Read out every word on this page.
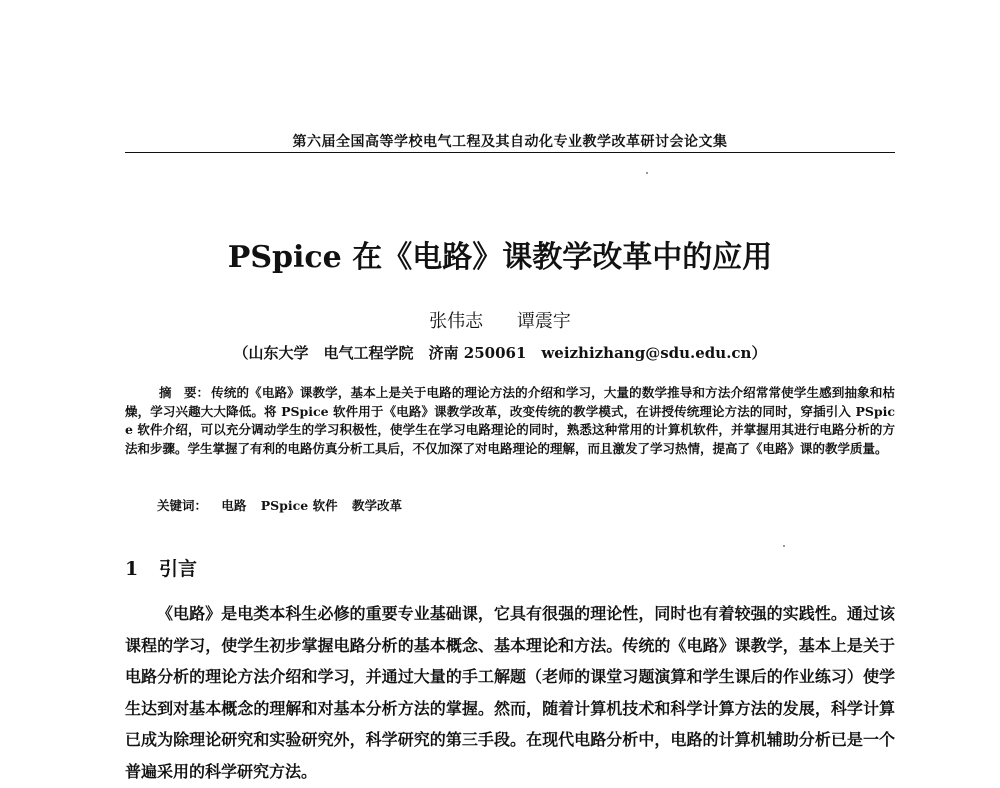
第六届全国高等学校电气工程及其自动化专业教学改革研讨会论文集
PSpice 在《电路》课教学改革中的应用
张伟志 谭震宇
（山东大学　电气工程学院　济南 250061　weizhizhang@sdu.edu.cn）
摘　要： 传统的《电路》课教学，基本上是关于电路的理论方法的介绍和学习，大量的数学推导和方法介绍常常使学生感到抽象和枯燥，学习兴趣大大降低。将 PSpice 软件用于《电路》课教学改革，改变传统的教学模式，在讲授传统理论方法的同时，穿插引入 PSpice 软件介绍，可以充分调动学生的学习积极性，使学生在学习电路理论的同时，熟悉这种常用的计算机软件，并掌握用其进行电路分析的方法和步骤。学生掌握了有利的电路仿真分析工具后，不仅加深了对电路理论的理解，而且激发了学习热情，提高了《电路》课的教学质量。
关键词： 电路 PSpice 软件 教学改革
1 引言
《电路》是电类本科生必修的重要专业基础课，它具有很强的理论性，同时也有着较强的实践性。通过该课程的学习，使学生初步掌握电路分析的基本概念、基本理论和方法。传统的《电路》课教学，基本上是关于电路分析的理论方法介绍和学习，并通过大量的手工解题（老师的课堂习题演算和学生课后的作业练习）使学生达到对基本概念的理解和对基本分析方法的掌握。然而，随着计算机技术和科学计算方法的发展，科学计算已成为除理论研究和实验研究外，科学研究的第三手段。在现代电路分析中，电路的计算机辅助分析已是一个普遍采用的科学研究方法。
